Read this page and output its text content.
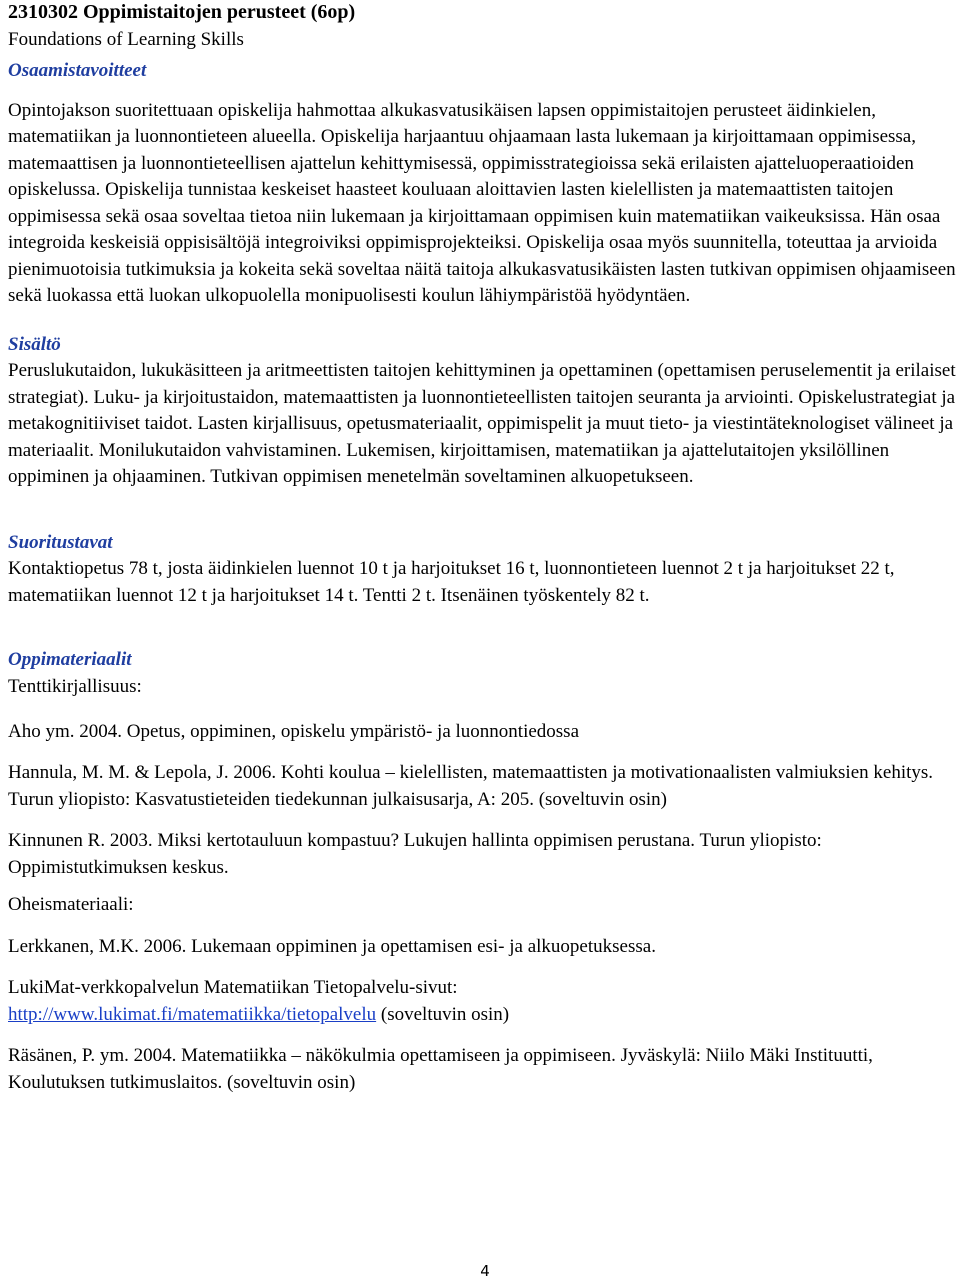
2310302 Oppimistaitojen perusteet (6op)
Foundations of Learning Skills
Osaamistavoitteet

Opintojakson suoritettuaan opiskelija hahmottaa alkukasvatusikäisen lapsen oppimistaitojen perusteet äidinkielen, matematiikan ja luonnontieteen alueella. Opiskelija harjaantuu ohjaamaan lasta lukemaan ja kirjoittamaan oppimisessa, matemaattisen ja luonnontieteellisen ajattelun kehittymisessä, oppimisstrategioissa sekä erilaisten ajatteluoperaatioiden opiskelussa. Opiskelija tunnistaa keskeiset haasteet kouluaan aloittavien lasten kielellisten ja matemaattisten taitojen oppimisessa sekä osaa soveltaa tietoa niin lukemaan ja kirjoittamaan oppimisen kuin matematiikan vaikeuksissa. Hän osaa integroida keskeisiä oppisisältöjä integroiviksi oppimisprojekteiksi. Opiskelija osaa myös suunnitella, toteuttaa ja arvioida pienimuotoisia tutkimuksia ja kokeita sekä soveltaa näitä taitoja alkukasvatusikäisten lasten tutkivan oppimisen ohjaamiseen sekä luokassa että luokan ulkopuolella monipuolisesti koulun lähiympäristöä hyödyntäen.

Sisältö

Peruslukutaidon, lukukäsitteen ja aritmeettisten taitojen kehittyminen ja opettaminen (opettamisen peruselementit ja erilaiset strategiat). Luku- ja kirjoitustaidon, matemaattisten ja luonnontieteellisten taitojen seuranta ja arviointi. Opiskelustrategiat ja metakognitiiviset taidot. Lasten kirjallisuus, opetusmateriaalit, oppimispelit ja muut tieto- ja viestintäteknologiset välineet ja materiaalit. Monilukutaidon vahvistaminen. Lukemisen, kirjoittamisen, matematiikan ja ajattelutaitojen yksilöllinen oppiminen ja ohjaaminen. Tutkivan oppimisen menetelmän soveltaminen alkuopetukseen.

Suoritustavat

Kontaktiopetus 78 t, josta äidinkielen luennot 10 t ja harjoitukset 16 t, luonnontieteen luennot 2 t ja harjoitukset 22 t, matematiikan luennot 12 t ja harjoitukset 14 t. Tentti 2 t. Itsenäinen työskentely 82 t.

Oppimateriaalit

Tenttikirjallisuus:

Aho ym. 2004. Opetus, oppiminen, opiskelu ympäristö- ja luonnontiedossa

Hannula, M. M. & Lepola, J. 2006. Kohti koulua – kielellisten, matemaattisten ja motivationaalisten valmiuksien kehitys. Turun yliopisto: Kasvatustieteiden tiedekunnan julkaisusarja, A: 205. (soveltuvin osin)

Kinnunen R. 2003. Miksi kertotauluun kompastuu? Lukujen hallinta oppimisen perustana. Turun yliopisto: Oppimistutkimuksen keskus.

Oheismateriaali:

Lerkkanen, M.K. 2006. Lukemaan oppiminen ja opettamisen esi- ja alkuopetuksessa.

LukiMat-verkkopalvelun Matematiikan Tietopalvelu-sivut:
http://www.lukimat.fi/matematiikka/tietopalvelu (soveltuvin osin)

Räsänen, P. ym. 2004. Matematiikka – näkökulmia opettamiseen ja oppimiseen. Jyväskylä: Niilo Mäki Instituutti, Koulutuksen tutkimuslaitos. (soveltuvin osin)

4
